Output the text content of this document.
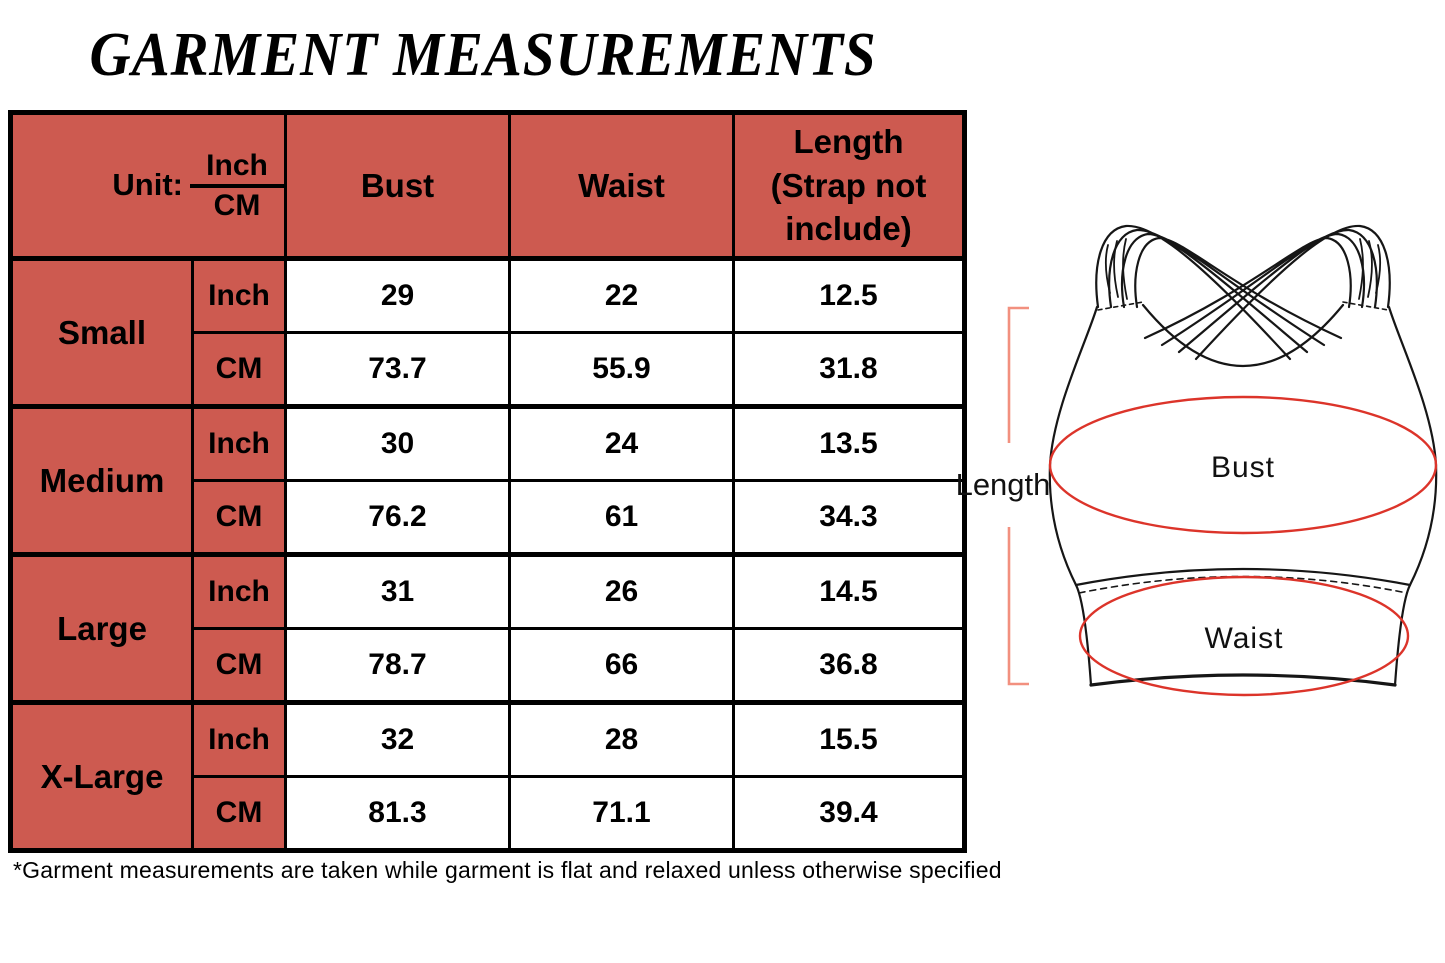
GARMENT MEASUREMENTS
Unit: $\frac{\text{Inch}}{CM}$		Bust	Waist	Length (Strap not include)
Small	Inch	29	22	12.5
	CM	73.7	55.9	31.8
Medium	Inch	30	24	13.5
	CM	76.2	61	34.3
Large	Inch	31	26	14.5
	CM	78.7	66	36.8
X-Large	Inch	32	28	15.5
	CM	81.3	71.1	39.4
*Garment measurements are taken while garment is flat and relaxed unless otherwise specified
Length	Bust
Waist
